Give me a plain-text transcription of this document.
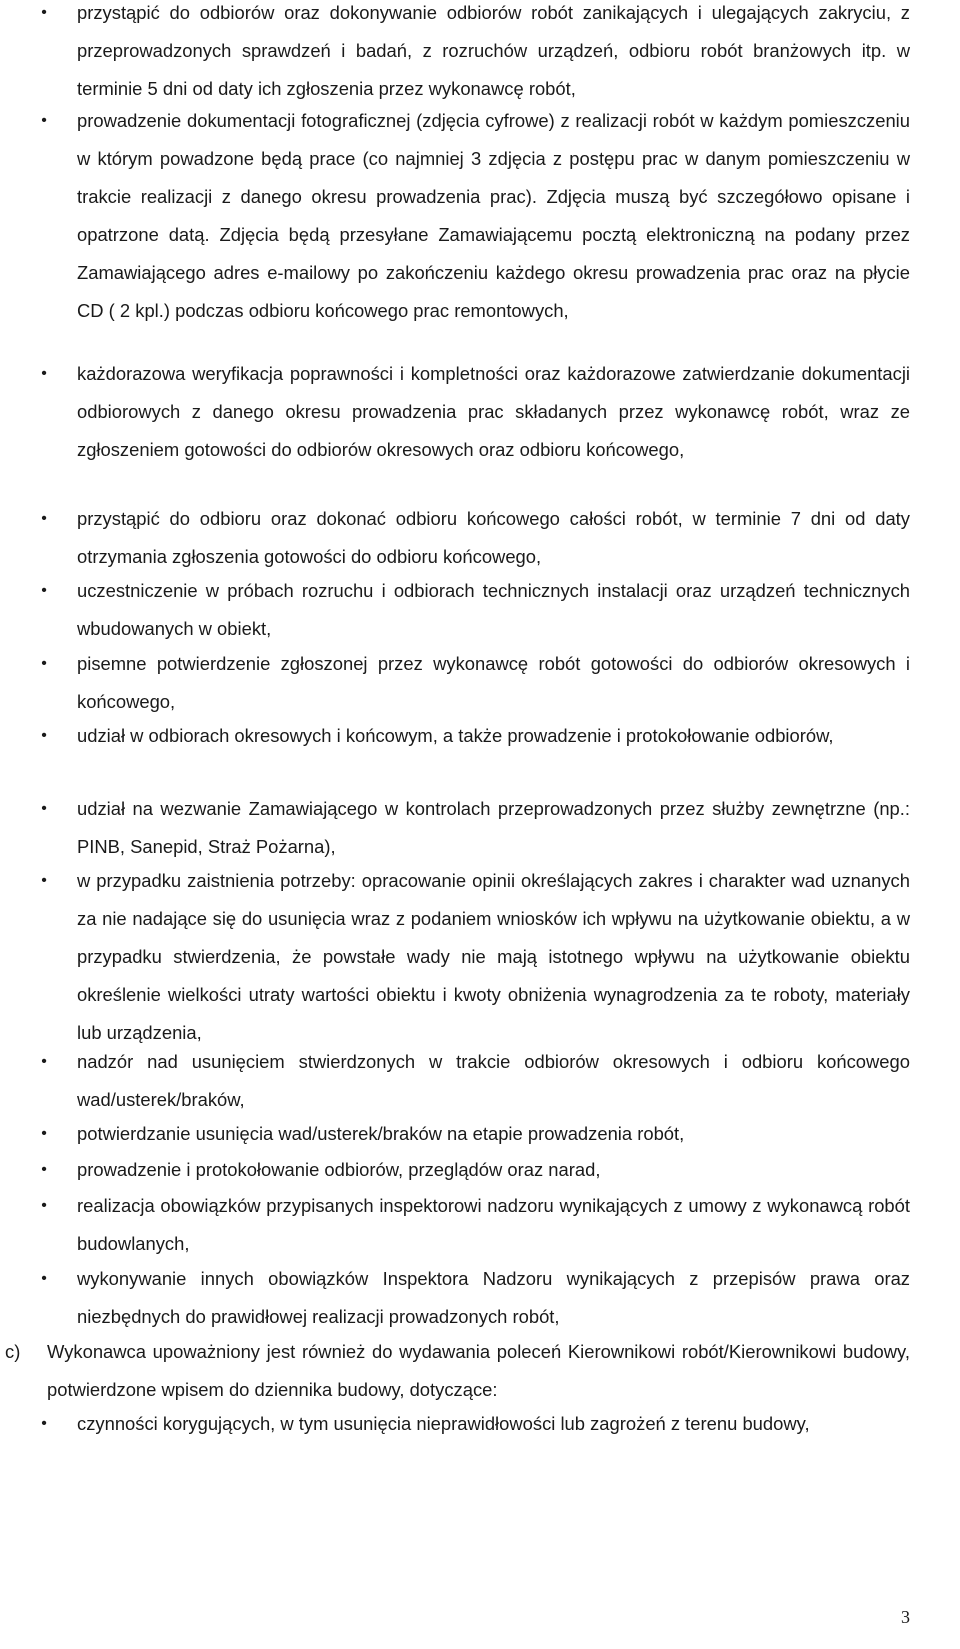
• przystąpić do odbiorów oraz dokonywanie odbiorów robót zanikających i ulegających zakryciu, z przeprowadzonych sprawdzeń i badań, z rozruchów urządzeń, odbioru robót branżowych itp. w terminie 5 dni od daty ich zgłoszenia przez wykonawcę robót,
• prowadzenie dokumentacji fotograficznej (zdjęcia cyfrowe) z realizacji robót w każdym pomieszczeniu w którym powadzone będą prace (co najmniej 3 zdjęcia z postępu prac w danym pomieszczeniu w trakcie realizacji z danego okresu prowadzenia prac). Zdjęcia muszą być szczegółowo opisane i opatrzone datą. Zdjęcia będą przesyłane Zamawiającemu pocztą elektroniczną na podany przez Zamawiającego adres e-mailowy po zakończeniu każdego okresu prowadzenia prac oraz na płycie CD ( 2 kpl.) podczas odbioru końcowego prac remontowych,
• każdorazowa weryfikacja poprawności i kompletności oraz każdorazowe zatwierdzanie dokumentacji odbiorowych z danego okresu prowadzenia prac składanych przez wykonawcę robót, wraz ze zgłoszeniem gotowości do odbiorów okresowych oraz odbioru końcowego,
• przystąpić do odbioru oraz dokonać odbioru końcowego całości robót, w terminie 7 dni od daty otrzymania zgłoszenia gotowości do odbioru końcowego,
• uczestniczenie w próbach rozruchu i odbiorach technicznych instalacji oraz urządzeń technicznych wbudowanych w obiekt,
• pisemne potwierdzenie zgłoszonej przez wykonawcę robót gotowości do odbiorów okresowych i końcowego,
• udział w odbiorach okresowych i końcowym, a także prowadzenie i protokołowanie odbiorów,
• udział na wezwanie Zamawiającego w kontrolach przeprowadzonych przez służby zewnętrzne (np.: PINB, Sanepid, Straż Pożarna),
• w przypadku zaistnienia potrzeby: opracowanie opinii określających zakres i charakter wad uznanych za nie nadające się do usunięcia wraz z podaniem wniosków ich wpływu na użytkowanie obiektu, a w przypadku stwierdzenia, że powstałe wady nie mają istotnego wpływu na użytkowanie obiektu określenie wielkości utraty wartości obiektu i kwoty obniżenia wynagrodzenia za te roboty, materiały lub urządzenia,
• nadzór nad usunięciem stwierdzonych w trakcie odbiorów okresowych i odbioru końcowego wad/usterek/braków,
• potwierdzanie usunięcia wad/usterek/braków na etapie prowadzenia robót,
• prowadzenie i protokołowanie odbiorów, przeglądów oraz narad,
• realizacja obowiązków przypisanych inspektorowi nadzoru wynikających z umowy z wykonawcą robót budowlanych,
• wykonywanie innych obowiązków Inspektora Nadzoru wynikających z przepisów prawa oraz niezbędnych do prawidłowej realizacji prowadzonych robót,
c)	Wykonawca upoważniony jest również do wydawania poleceń Kierownikowi robót/Kierownikowi budowy, potwierdzone wpisem do dziennika budowy, dotyczące:
• czynności korygujących, w tym usunięcia nieprawidłowości lub zagrożeń z terenu budowy,
3
